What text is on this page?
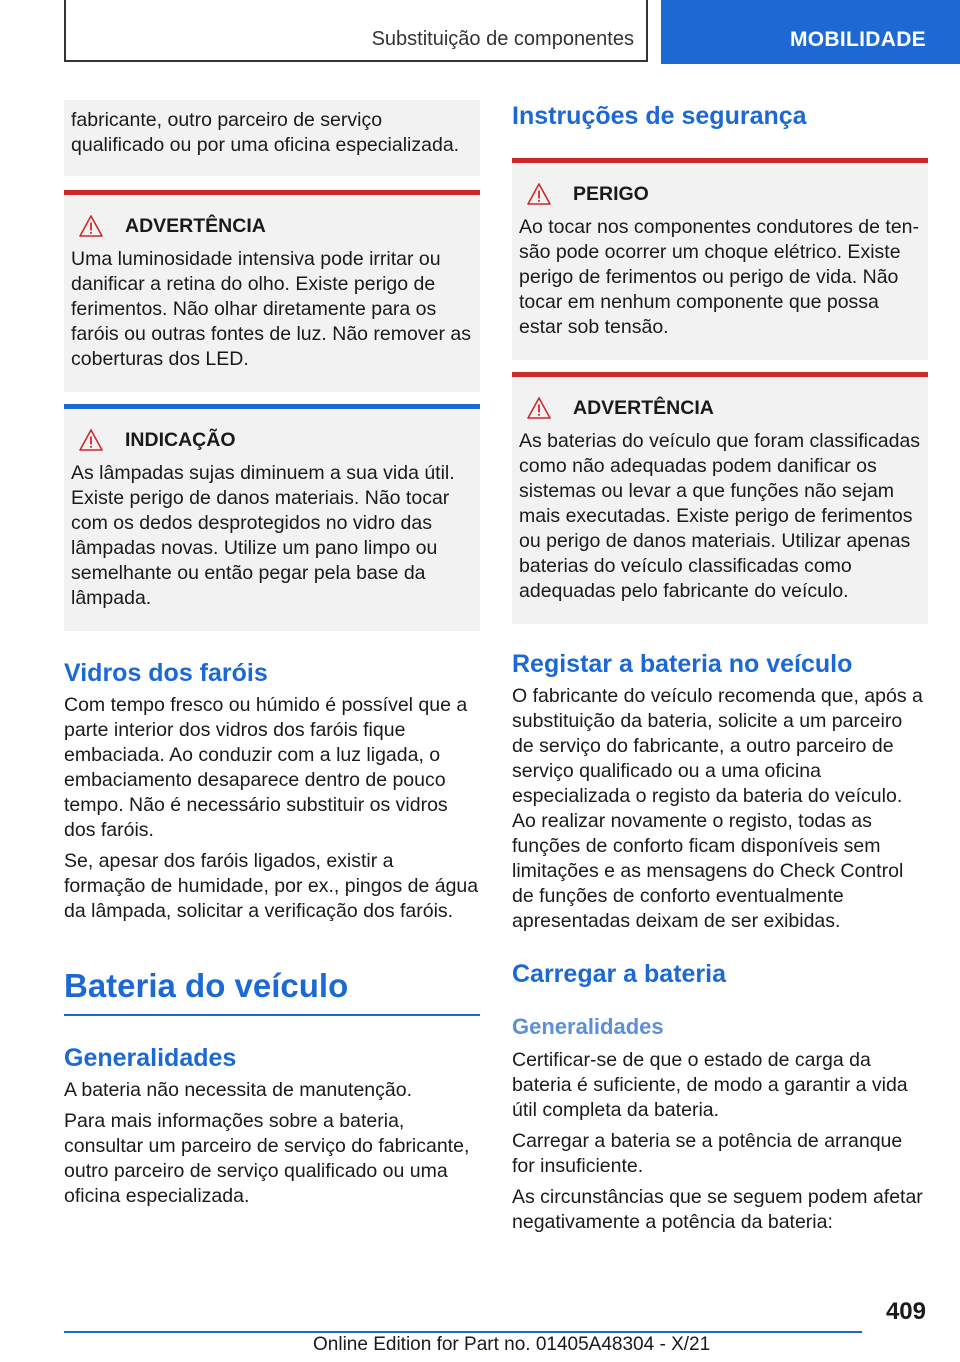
Substituição de componentes	MOBILIDADE

fabricante, outro parceiro de serviço qualificado ou por uma oficina especializada.

ADVERTÊNCIA

Uma luminosidade intensiva pode irritar ou danificar a retina do olho. Existe perigo de ferimentos. Não olhar diretamente para os faróis ou outras fontes de luz. Não remover as coberturas dos LED.

INDICAÇÃO

As lâmpadas sujas diminuem a sua vida útil. Existe perigo de danos materiais. Não tocar com os dedos desprotegidos no vidro das lâmpadas novas. Utilize um pano limpo ou semelhante ou então pegar pela base da lâmpada.

Vidros dos faróis

Com tempo fresco ou húmido é possível que a parte interior dos vidros dos faróis fique embaciada. Ao conduzir com a luz ligada, o embaciamento desaparece dentro de pouco tempo. Não é necessário substituir os vidros dos faróis.

Se, apesar dos faróis ligados, existir a formação de humidade, por ex., pingos de água da lâmpada, solicitar a verificação dos faróis.

Bateria do veículo
Generalidades

A bateria não necessita de manutenção.

Para mais informações sobre a bateria, consultar um parceiro de serviço do fabricante, outro parceiro de serviço qualificado ou uma oficina especializada.

Instruções de segurança
PERIGO

Ao tocar nos componentes condutores de tensão pode ocorrer um choque elétrico. Existe perigo de ferimentos ou perigo de vida. Não tocar em nenhum componente que possa estar sob tensão.

ADVERTÊNCIA

As baterias do veículo que foram classificadas como não adequadas podem danificar os sistemas ou levar a que funções não sejam mais executadas. Existe perigo de ferimentos ou perigo de danos materiais. Utilizar apenas baterias do veículo classificadas como adequadas pelo fabricante do veículo.

Registar a bateria no veículo

O fabricante do veículo recomenda que, após a substituição da bateria, solicite a um parceiro de serviço do fabricante, a outro parceiro de serviço qualificado ou a uma oficina especializada o registo da bateria do veículo. Ao realizar novamente o registo, todas as funções de conforto ficam disponíveis sem limitações e as mensagens do Check Control de funções de conforto eventualmente apresentadas deixam de ser exibidas.

Carregar a bateria
Generalidades

Certificar-se de que o estado de carga da bateria é suficiente, de modo a garantir a vida útil completa da bateria.

Carregar a bateria se a potência de arranque for insuficiente.

As circunstâncias que se seguem podem afetar negativamente a potência da bateria:

409
Online Edition for Part no. 01405A48304 - X/21
